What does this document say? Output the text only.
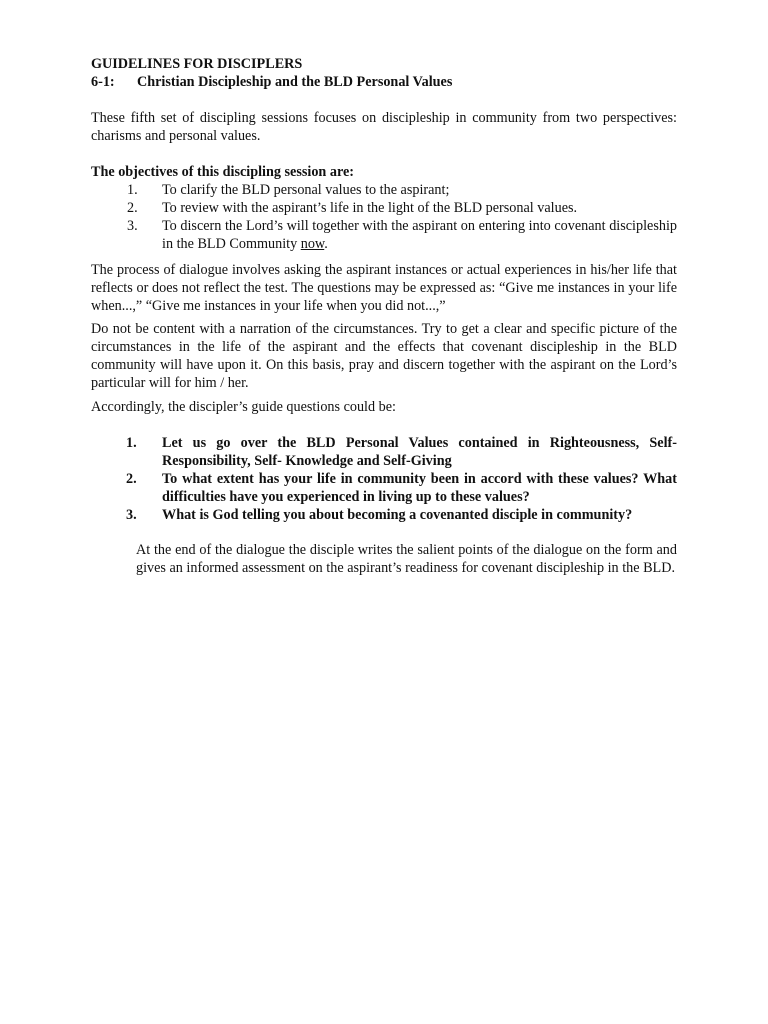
GUIDELINES FOR DISCIPLERS

6-1: Christian Discipleship and the BLD Personal Values

These fifth set of discipling sessions focuses on discipleship in community from two perspectives: charisms and personal values.

The objectives of this discipling session are:

1. To clarify the BLD personal values to the aspirant;
2. To review with the aspirant’s life in the light of the BLD personal values.
3. To discern the Lord’s will together with the aspirant on entering into covenant discipleship in the BLD Community now.

The process of dialogue involves asking the aspirant instances or actual experiences in his/her life that reflects or does not reflect the test. The questions may be expressed as: “Give me instances in your life when...,” “Give me instances in your life when you did not...,”

Do not be content with a narration of the circumstances. Try to get a clear and specific picture of the circumstances in the life of the aspirant and the effects that covenant discipleship in the BLD community will have upon it. On this basis, pray and discern together with the aspirant on the Lord’s particular will for him / her.

Accordingly, the discipler’s guide questions could be:

1. Let us go over the BLD Personal Values contained in Righteousness, Self-Responsibility, Self- Knowledge and Self-Giving
2. To what extent has your life in community been in accord with these values? What difficulties have you experienced in living up to these values?
3. What is God telling you about becoming a covenanted disciple in community?

At the end of the dialogue the disciple writes the salient points of the dialogue on the form and gives an informed assessment on the aspirant’s readiness for covenant discipleship in the BLD.
